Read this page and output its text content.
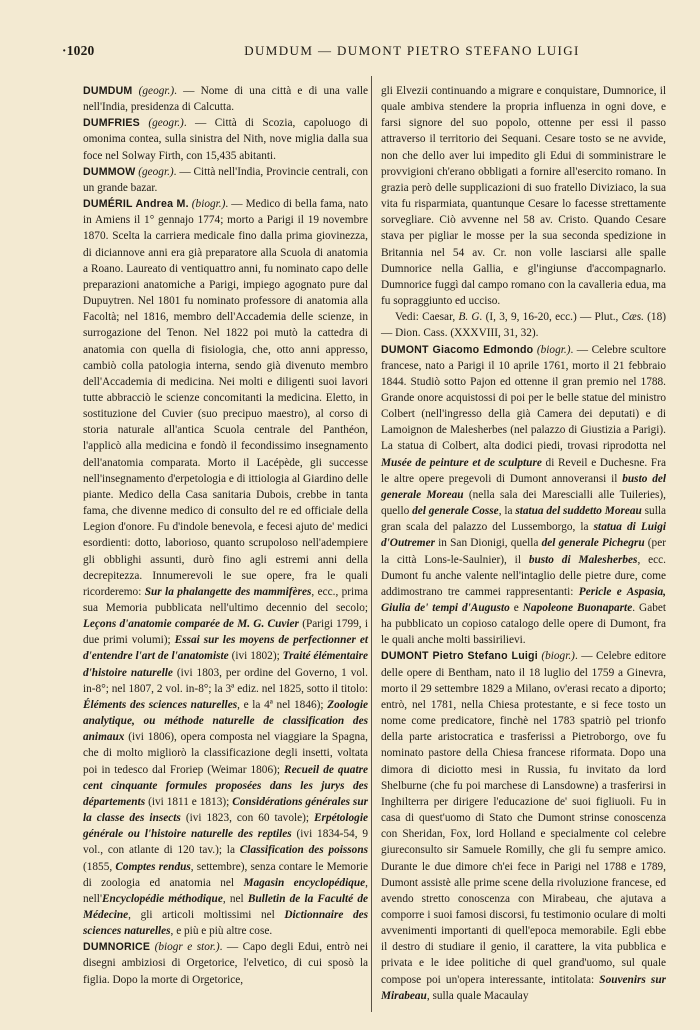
·1020	DUMDUM — DUMONT PIETRO STEFANO LUIGI

DUMDUM (geogr.). — Nome di una città e di una valle nell'India, presidenza di Calcutta.

DUMFRIES (geogr.). — Città di Scozia, capoluogo di omonima contea, sulla sinistra del Nith, nove miglia dalla sua foce nel Solway Firth, con 15,435 abitanti.

DUMMOW (geogr.). — Città nell'India, Provincie centrali, con un grande bazar.

DUMÉRIL Andrea M. (biogr.). — Medico di bella fama, nato in Amiens il 1° gennajo 1774; morto a Parigi il 19 novembre 1870. Scelta la carriera medicale fino dalla prima giovinezza, di diciannove anni era già preparatore alla Scuola di anatomia a Roano. Laureato di ventiquattro anni, fu nominato capo delle preparazioni anatomiche a Parigi, impiego agognato pure dal Dupuytren. Nel 1801 fu nominato professore di anatomia alla Facoltà; nel 1816, membro dell'Accademia delle scienze, in surrogazione del Tenon. Nel 1822 poi mutò la cattedra di anatomia con quella di fisiologia, che, otto anni appresso, cambiò colla patologia interna, sendo già divenuto membro dell'Accademia di medicina. Nei molti e diligenti suoi lavori tutte abbracciò le scienze concomitanti la medicina. Eletto, in sostituzione del Cuvier (suo precipuo maestro), al corso di storia naturale all'antica Scuola centrale del Panthéon, l'applicò alla medicina e fondò il fecondissimo insegnamento dell'anatomia comparata. Morto il Lacépède, gli successe nell'insegnamento d'erpetologia e di ittiologia al Giardino delle piante. Medico della Casa sanitaria Dubois, crebbe in tanta fama, che divenne medico di consulto del re ed officiale della Legion d'onore. Fu d'indole benevola, e fecesi ajuto de' medici esordienti: dotto, laborioso, quanto scrupoloso nell'adempiere gli obblighi assunti, durò fino agli estremi anni della decrepitezza. Innumerevoli le sue opere, fra le quali ricorderemo: Sur la phalangette des mammifères, ecc., prima sua Memoria pubblicata nell'ultimo decennio del secolo; Leçons d'anatomie comparée de M. G. Cuvier (Parigi 1799, i due primi volumi); Essai sur les moyens de perfectionner et d'entendre l'art de l'anatomiste (ivi 1802); Traité élémentaire d'histoire naturelle (ivi 1803, per ordine del Governo, 1 vol. in-8°; nel 1807, 2 vol. in-8°; la 3ª ediz. nel 1825, sotto il titolo: Éléments des sciences naturelles, e la 4ª nel 1846); Zoologie analytique, ou méthode naturelle de classification des animaux (ivi 1806), opera composta nel viaggiare la Spagna, che di molto migliorò la classificazione degli insetti, voltata poi in tedesco dal Froriep (Weimar 1806); Recueil de quatre cent cinquante formules proposées dans les jurys des départements (ivi 1811 e 1813); Considérations générales sur la classe des insects (ivi 1823, con 60 tavole); Erpétologie générale ou l'histoire naturelle des reptiles (ivi 1834-54, 9 vol., con atlante di 120 tav.); la Classification des poissons (1855, Comptes rendus, settembre), senza contare le Memorie di zoologia ed anatomia nel Magasin encyclopédique, nell'Encyclopédie méthodique, nel Bulletin de la Faculté de Médecine, gli articoli moltissimi nel Dictionnaire des sciences naturelles, e più e più altre cose.

DUMNORICE (biogr e stor.). — Capo degli Edui, entrò nei disegni ambiziosi di Orgetorice, l'elvetico, di cui sposò la figlia. Dopo la morte di Orgetorice,

gli Elvezii continuando a migrare e conquistare, Dumnorice, il quale ambiva stendere la propria influenza in ogni dove, e farsi signore del suo popolo, ottenne per essi il passo attraverso il territorio dei Sequani. Cesare tosto se ne avvide, non che dello aver lui impedito gli Edui di somministrare le provvigioni ch'erano obbligati a fornire all'esercito romano. In grazia però delle supplicazioni di suo fratello Diviziaco, la sua vita fu risparmiata, quantunque Cesare lo facesse strettamente sorvegliare. Ciò avvenne nel 58 av. Cristo. Quando Cesare stava per pigliar le mosse per la sua seconda spedizione in Britannia nel 54 av. Cr. non volle lasciarsi alle spalle Dumnorice nella Gallia, e gl'ingiunse d'accompagnarlo. Dumnorice fuggì dal campo romano con la cavalleria edua, ma fu sopraggiunto ed ucciso.

Vedi: Caesar, B. G. (I, 3, 9, 16-20, ecc.) — Plut., Cæs. (18) — Dion. Cass. (XXXVIII, 31, 32).

DUMONT Giacomo Edmondo (biogr.). — Celebre scultore francese, nato a Parigi il 10 aprile 1761, morto il 21 febbraio 1844. Studiò sotto Pajon ed ottenne il gran premio nel 1788. Grande onore acquistossi di poi per le belle statue del ministro Colbert (nell'ingresso della già Camera dei deputati) e di Lamoignon de Malesherbes (nel palazzo di Giustizia a Parigi). La statua di Colbert, alta dodici piedi, trovasi riprodotta nel Musée de peinture et de sculpture di Reveil e Duchesne. Fra le altre opere pregevoli di Dumont annoveransi il busto del generale Moreau (nella sala dei Marescialli alle Tuileries), quello del generale Cosse, la statua del suddetto Moreau sulla gran scala del palazzo del Lussemborgo, la statua di Luigi d'Outremer in San Dionigi, quella del generale Pichegru (per la città Lons-le-Saulnier), il busto di Malesherbes, ecc. Dumont fu anche valente nell'intaglio delle pietre dure, come addimostrano tre cammei rappresentanti: Pericle e Aspasia, Giulia de' tempi d'Augusto e Napoleone Buonaparte. Gabet ha pubblicato un copioso catalogo delle opere di Dumont, fra le quali anche molti bassirilievi.

DUMONT Pietro Stefano Luigi (biogr.). — Celebre editore delle opere di Bentham, nato il 18 luglio del 1759 a Ginevra, morto il 29 settembre 1829 a Milano, ov'erasi recato a diporto; entrò, nel 1781, nella Chiesa protestante, e si fece tosto un nome come predicatore, finchè nel 1783 spatriò pel trionfo della parte aristocratica e trasferissi a Pietroborgo, ove fu nominato pastore della Chiesa francese riformata. Dopo una dimora di diciotto mesi in Russia, fu invitato da lord Shelburne (che fu poi marchese di Lansdowne) a trasferirsi in Inghilterra per dirigere l'educazione de' suoi figliuoli. Fu in casa di quest'uomo di Stato che Dumont strinse conoscenza con Sheridan, Fox, lord Holland e specialmente col celebre giureconsulto sir Samuele Romilly, che gli fu sempre amico. Durante le due dimore ch'ei fece in Parigi nel 1788 e 1789, Dumont assistè alle prime scene della rivoluzione francese, ed avendo stretto conoscenza con Mirabeau, che ajutava a comporre i suoi famosi discorsi, fu testimonio oculare di molti avvenimenti importanti di quell'epoca memorabile. Egli ebbe il destro di studiare il genio, il carattere, la vita pubblica e privata e le idee politiche di quel grand'uomo, sul quale compose poi un'opera interessante, intitolata: Souvenirs sur Mirabeau, sulla quale Macaulay
